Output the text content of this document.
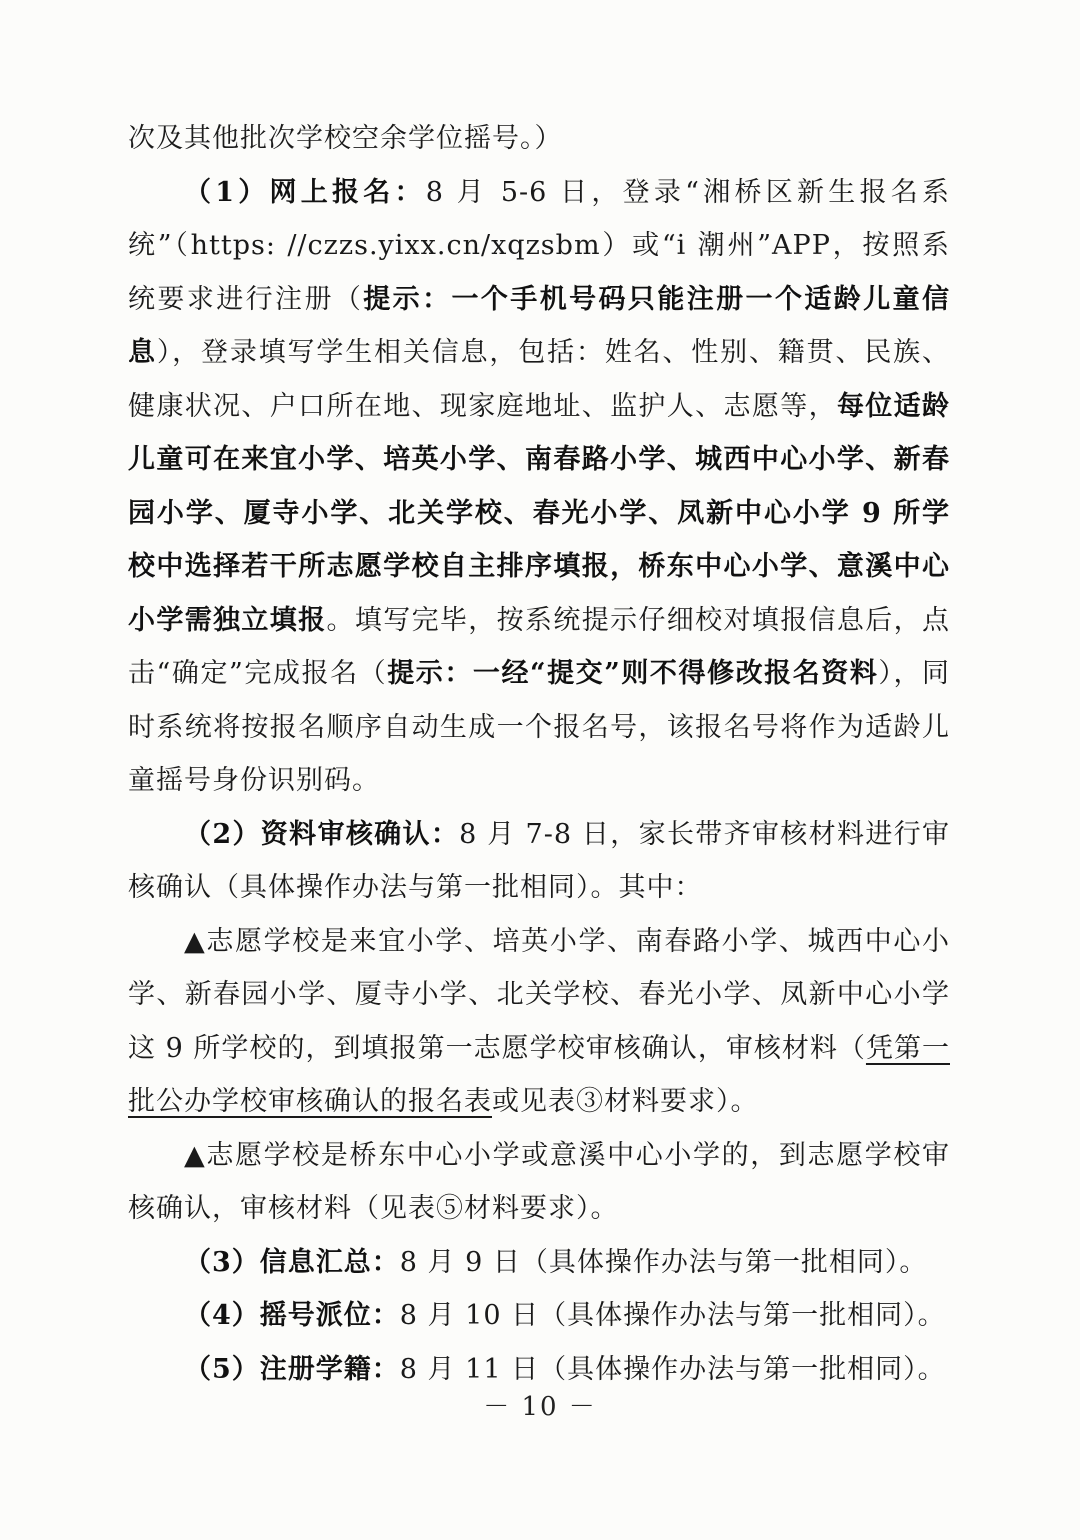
次及其他批次学校空余学位摇号。）

（1）网上报名：8 月 5-6 日，登录“湘桥区新生报名系统”（https: //czzs.yixx.cn/xqzsbm）或“i 潮州”APP，按照系统要求进行注册（提示：一个手机号码只能注册一个适龄儿童信息），登录填写学生相关信息，包括：姓名、性别、籍贯、民族、健康状况、户口所在地、现家庭地址、监护人、志愿等，每位适龄儿童可在来宜小学、培英小学、南春路小学、城西中心小学、新春园小学、厦寺小学、北关学校、春光小学、凤新中心小学 9 所学校中选择若干所志愿学校自主排序填报，桥东中心小学、意溪中心小学需独立填报。填写完毕，按系统提示仔细校对填报信息后，点击“确定”完成报名（提示：一经“提交”则不得修改报名资料），同时系统将按报名顺序自动生成一个报名号，该报名号将作为适龄儿童摇号身份识别码。

（2）资料审核确认：8 月 7-8 日，家长带齐审核材料进行审核确认（具体操作办法与第一批相同）。其中：

▲志愿学校是来宜小学、培英小学、南春路小学、城西中心小学、新春园小学、厦寺小学、北关学校、春光小学、凤新中心小学这 9 所学校的，到填报第一志愿学校审核确认，审核材料（凭第一批公办学校审核确认的报名表或见表③材料要求）。

▲志愿学校是桥东中心小学或意溪中心小学的，到志愿学校审核确认，审核材料（见表⑤材料要求）。

（3）信息汇总：8 月 9 日（具体操作办法与第一批相同）。

（4）摇号派位：8 月 10 日（具体操作办法与第一批相同）。

（5）注册学籍：8 月 11 日（具体操作办法与第一批相同）。

－ 10 －
